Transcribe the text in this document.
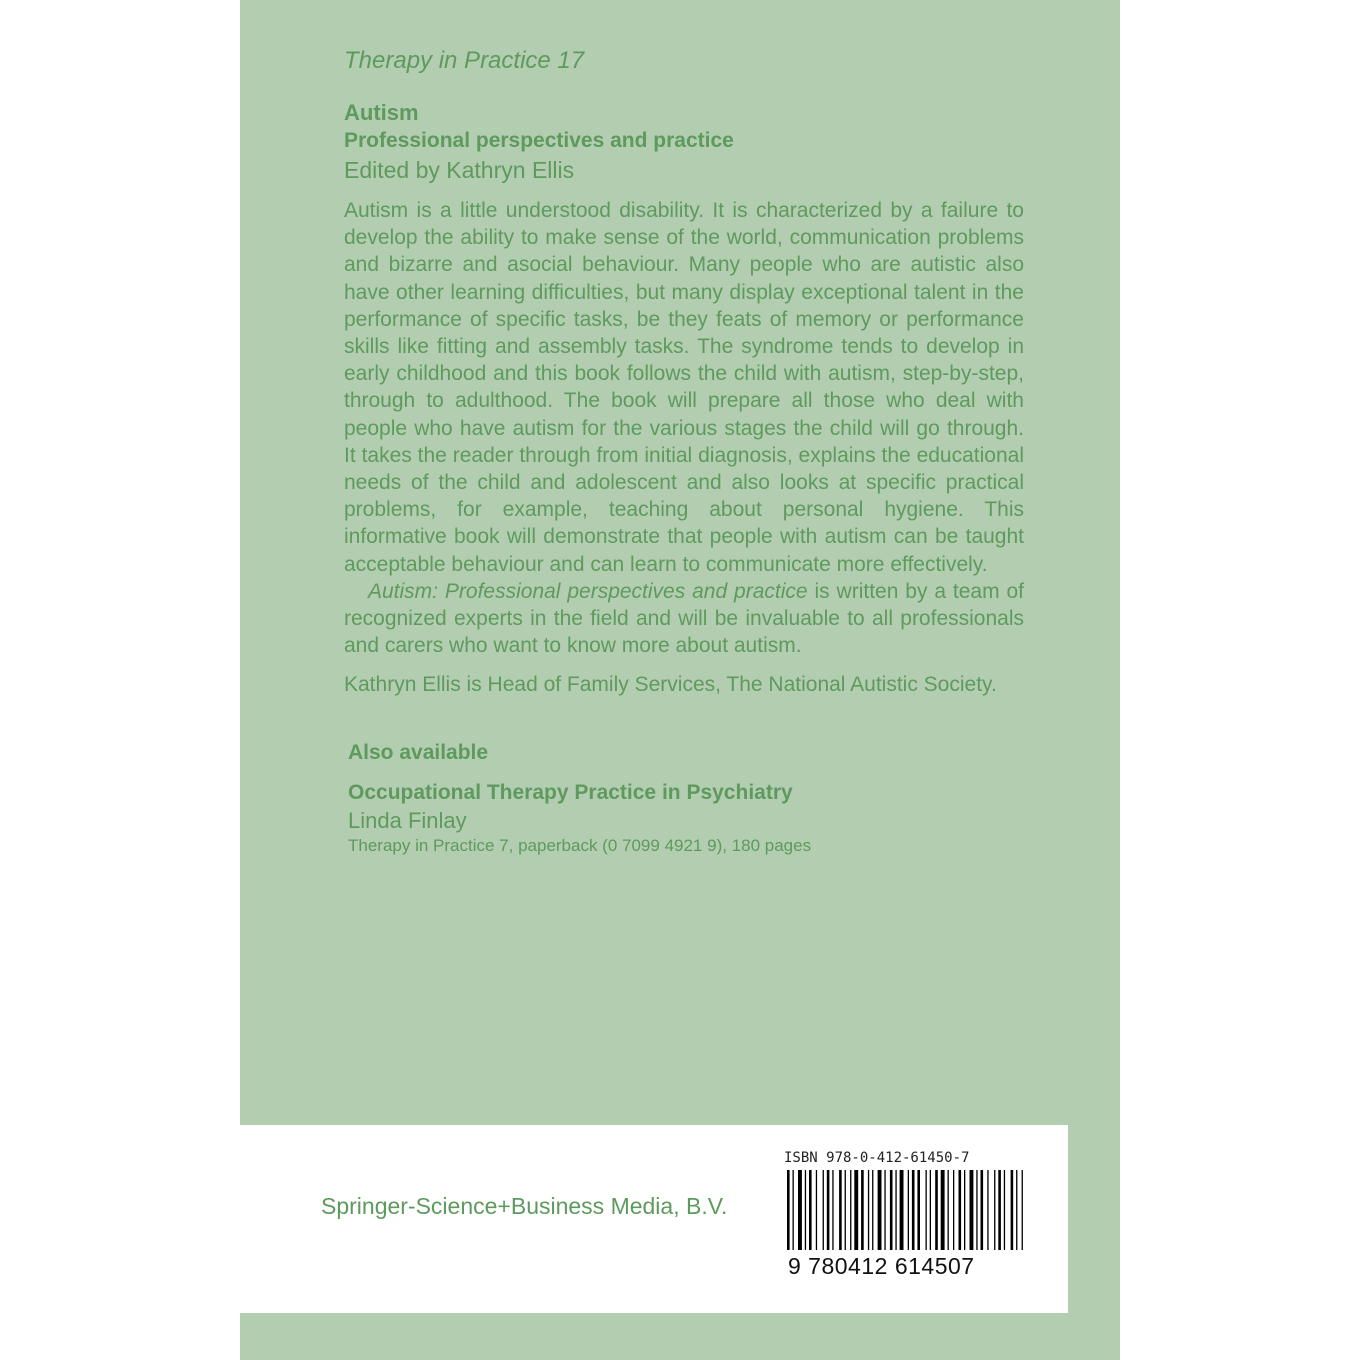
Therapy in Practice 17

Autism

Professional perspectives and practice

Edited by Kathryn Ellis

Autism is a little understood disability. It is characterized by a failure to develop the ability to make sense of the world, communication problems and bizarre and asocial behaviour. Many people who are autistic also have other learning difficulties, but many display exceptional talent in the performance of specific tasks, be they feats of memory or performance skills like fitting and assembly tasks. The syndrome tends to develop in early childhood and this book follows the child with autism, step-by-step, through to adulthood. The book will prepare all those who deal with people who have autism for the various stages the child will go through. It takes the reader through from initial diagnosis, explains the educational needs of the child and adolescent and also looks at specific practical problems, for example, teaching about personal hygiene. This informative book will demonstrate that people with autism can be taught acceptable behaviour and can learn to communicate more effectively.

Autism: Professional perspectives and practice is written by a team of recognized experts in the field and will be invaluable to all professionals and carers who want to know more about autism.

Kathryn Ellis is Head of Family Services, The National Autistic Society.

Also available

Occupational Therapy Practice in Psychiatry

Linda Finlay

Therapy in Practice 7, paperback (0 7099 4921 9), 180 pages

Springer-Science+Business Media, B.V.
ISBN 978-0-412-61450-7
9 780412 614507
